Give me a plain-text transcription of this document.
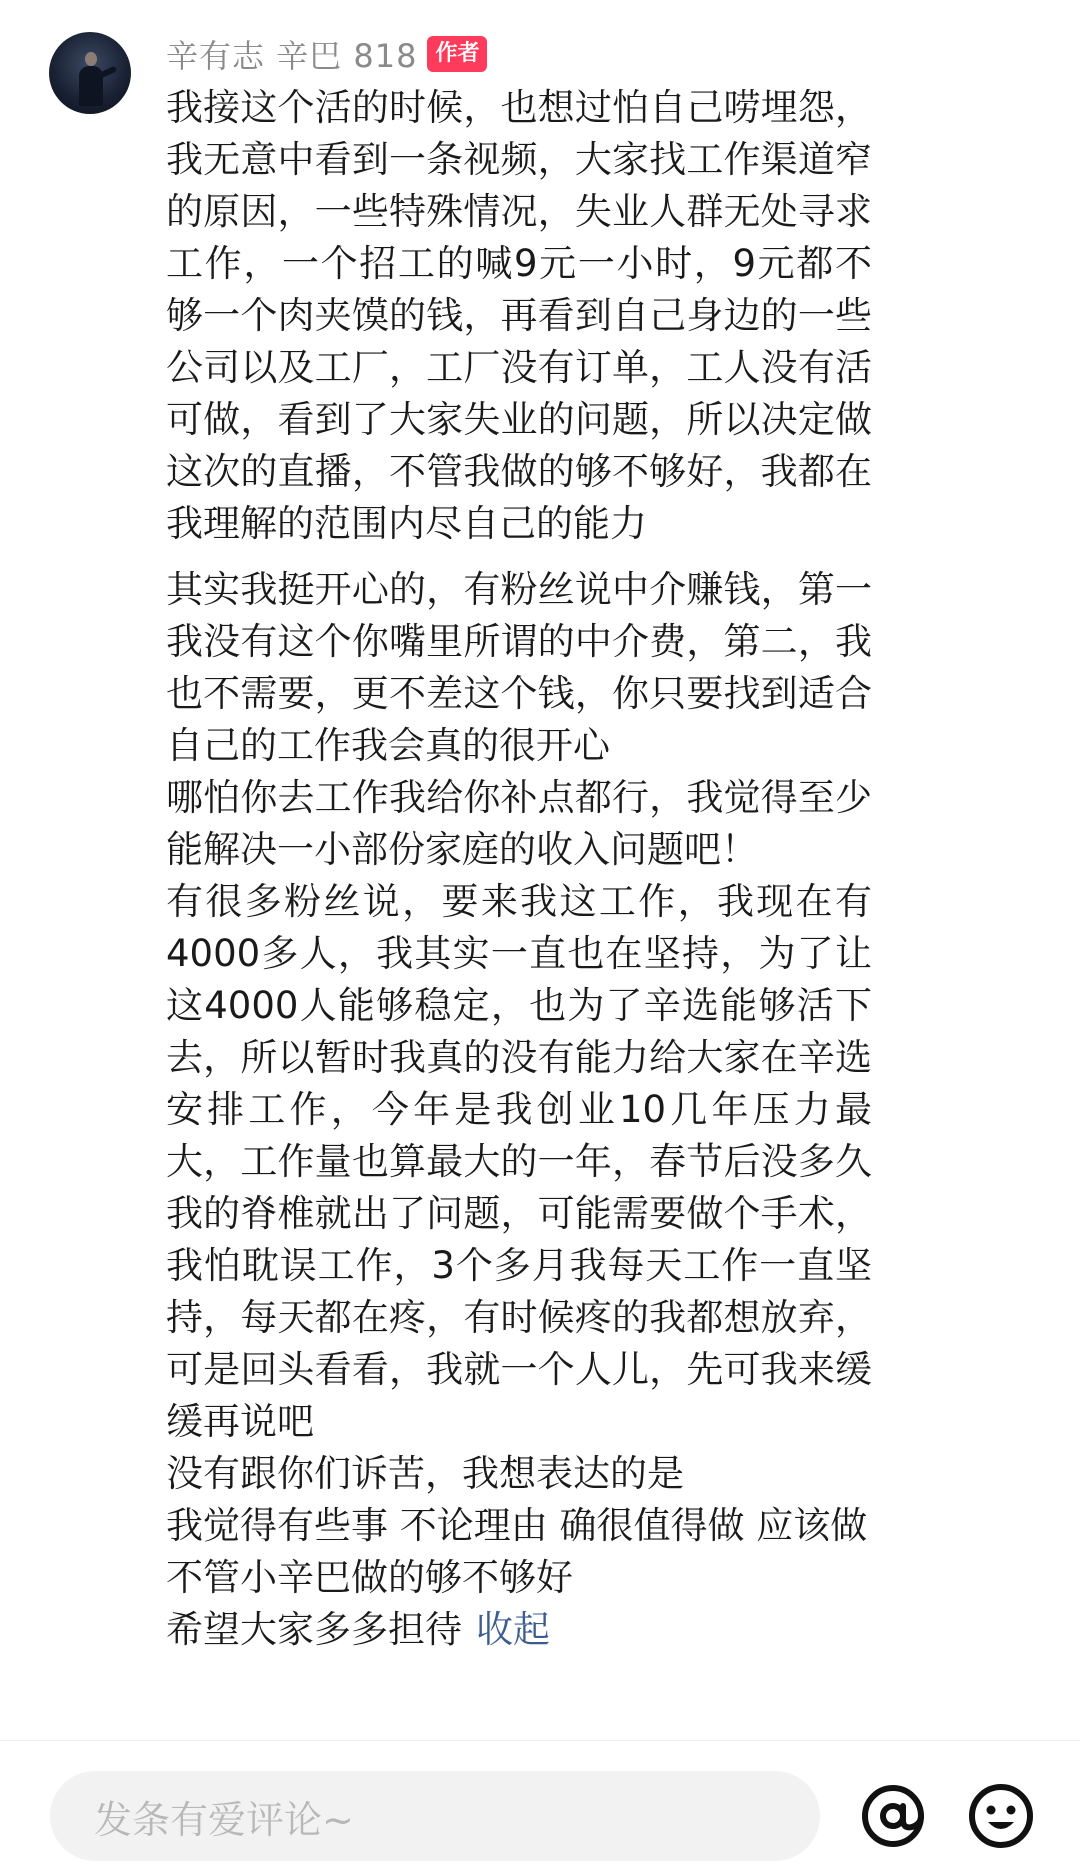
辛有志 辛巴 818 作者

我接这个活的时候，也想过怕自己唠埋怨，我无意中看到一条视频，大家找工作渠道窄的原因，一些特殊情况，失业人群无处寻求工作，一个招工的喊9元一小时，9元都不够一个肉夹馍的钱，再看到自己身边的一些公司以及工厂，工厂没有订单，工人没有活可做，看到了大家失业的问题，所以决定做这次的直播，不管我做的够不够好，我都在我理解的范围内尽自己的能力

其实我挺开心的，有粉丝说中介赚钱，第一我没有这个你嘴里所谓的中介费，第二，我也不需要，更不差这个钱，你只要找到适合自己的工作我会真的很开心

哪怕你去工作我给你补点都行，我觉得至少能解决一小部份家庭的收入问题吧！

有很多粉丝说，要来我这工作，我现在有4000多人，我其实一直也在坚持，为了让这4000人能够稳定，也为了辛选能够活下去，所以暂时我真的没有能力给大家在辛选安排工作，今年是我创业10几年压力最大，工作量也算最大的一年，春节后没多久我的脊椎就出了问题，可能需要做个手术，我怕耽误工作，3个多月我每天工作一直坚持，每天都在疼，有时候疼的我都想放弃，可是回头看看，我就一个人儿，先可我来缓缓再说吧

没有跟你们诉苦，我想表达的是

我觉得有些事 不论理由 确很值得做 应该做

不管小辛巴做的够不够好

希望大家多多担待 收起

发条有爱评论~
